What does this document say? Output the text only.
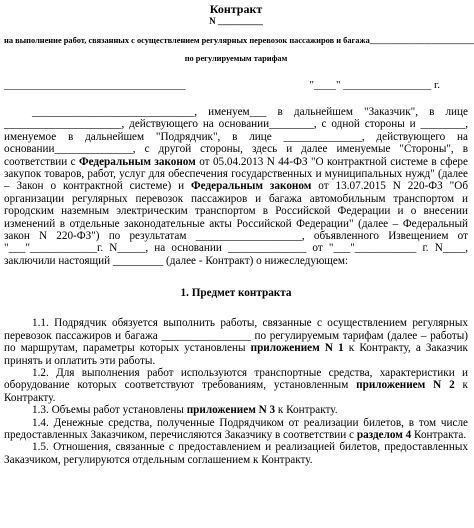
Контракт
N __________
на выполнение работ, связанных с осуществлением регулярных перевозок пассажиров и багажа_________________________
по регулируемым тарифам
_________________________________	"____" ________________ г.

_____________________________, именуем___ в дальнейшем "Заказчик", в лице _____________________, действующего на основании________, с одной стороны и ________, именуемое в дальнейшем "Подрядчик", в лице ______________, действующего на основании______________, с другой стороны, здесь и далее именуемые "Стороны", в соответствии с Федеральным законом от 05.04.2013 N 44-ФЗ "О контрактной системе в сфере закупок товаров, работ, услуг для обеспечения государственных и муниципальных нужд" (далее – Закон о контрактной системе) и Федеральным законом от 13.07.2015 N 220-ФЗ "Об организации регулярных перевозок пассажиров и багажа автомобильным транспортом и городским наземным электрическим транспортом в Российской Федерации и о внесении изменений в отдельные законодательные акты Российской Федерации" (далее – Федеральный закон N 220-ФЗ") по результатам ___________________, объявленного Извещением от "___"____________г. N_____, на основании ______________ от "___"___________ г. N____, заключили настоящий _________ (далее - Контракт) о нижеследующем:

1. Предмет контракта

1.1. Подрядчик обязуется выполнить работы, связанные с осуществлением регулярных перевозок пассажиров и багажа ________________ по регулируемым тарифам (далее – работы) по маршрутам, параметры которых установлены приложением N 1 к Контракту, а Заказчик принять и оплатить эти работы.

1.2. Для выполнения работ используются транспортные средства, характеристики и оборудование которых соответствуют требованиям, установленным приложением N 2 к Контракту.

1.3. Объемы работ установлены приложением N 3 к Контракту.

1.4. Денежные средства, полученные Подрядчиком от реализации билетов, в том числе предоставленных Заказчиком, перечисляются Заказчику в соответствии с разделом 4 Контракта.

1.5. Отношения, связанные с предоставлением и реализацией билетов, предоставленных Заказчиком, регулируются отдельным соглашением к Контракту.
